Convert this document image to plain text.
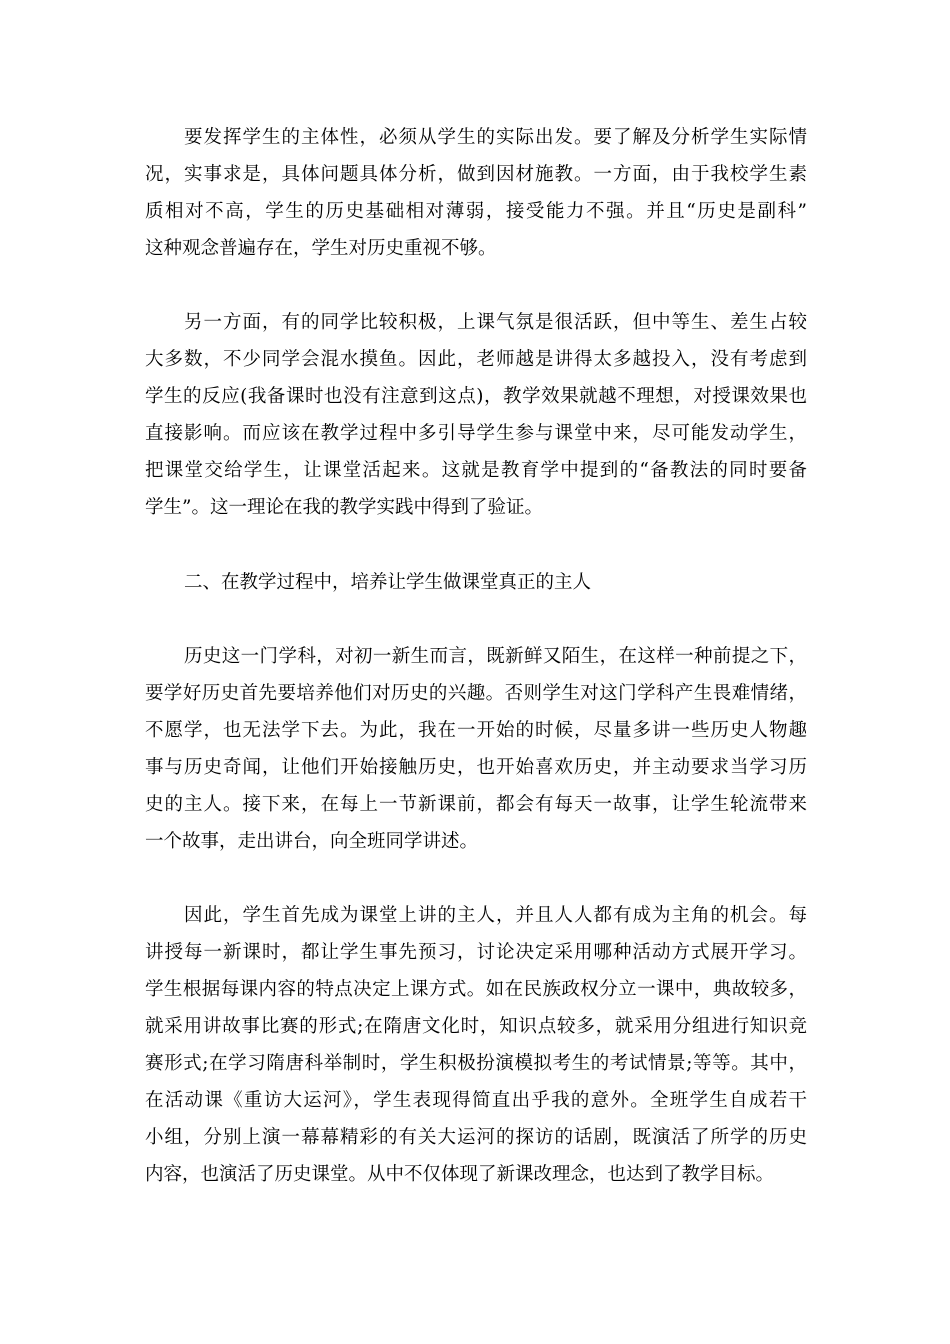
要发挥学生的主体性，必须从学生的实际出发。要了解及分析学生实际情
况，实事求是，具体问题具体分析，做到因材施教。一方面，由于我校学生素
质相对不高，学生的历史基础相对薄弱，接受能力不强。并且“历史是副科”
这种观念普遍存在，学生对历史重视不够。
另一方面，有的同学比较积极，上课气氛是很活跃，但中等生、差生占较
大多数，不少同学会混水摸鱼。因此，老师越是讲得太多越投入，没有考虑到
学生的反应(我备课时也没有注意到这点)，教学效果就越不理想，对授课效果也
直接影响。而应该在教学过程中多引导学生参与课堂中来，尽可能发动学生，
把课堂交给学生，让课堂活起来。这就是教育学中提到的“备教法的同时要备
学生”。这一理论在我的教学实践中得到了验证。
二、在教学过程中，培养让学生做课堂真正的主人
历史这一门学科，对初一新生而言，既新鲜又陌生，在这样一种前提之下，
要学好历史首先要培养他们对历史的兴趣。否则学生对这门学科产生畏难情绪，
不愿学，也无法学下去。为此，我在一开始的时候，尽量多讲一些历史人物趣
事与历史奇闻，让他们开始接触历史，也开始喜欢历史，并主动要求当学习历
史的主人。接下来，在每上一节新课前，都会有每天一故事，让学生轮流带来
一个故事，走出讲台，向全班同学讲述。
因此，学生首先成为课堂上讲的主人，并且人人都有成为主角的机会。每
讲授每一新课时，都让学生事先预习，讨论决定采用哪种活动方式展开学习。
学生根据每课内容的特点决定上课方式。如在民族政权分立一课中，典故较多，
就采用讲故事比赛的形式;在隋唐文化时，知识点较多，就采用分组进行知识竞
赛形式;在学习隋唐科举制时，学生积极扮演模拟考生的考试情景;等等。其中，
在活动课《重访大运河》，学生表现得简直出乎我的意外。全班学生自成若干
小组，分别上演一幕幕精彩的有关大运河的探访的话剧，既演活了所学的历史
内容，也演活了历史课堂。从中不仅体现了新课改理念，也达到了教学目标。
